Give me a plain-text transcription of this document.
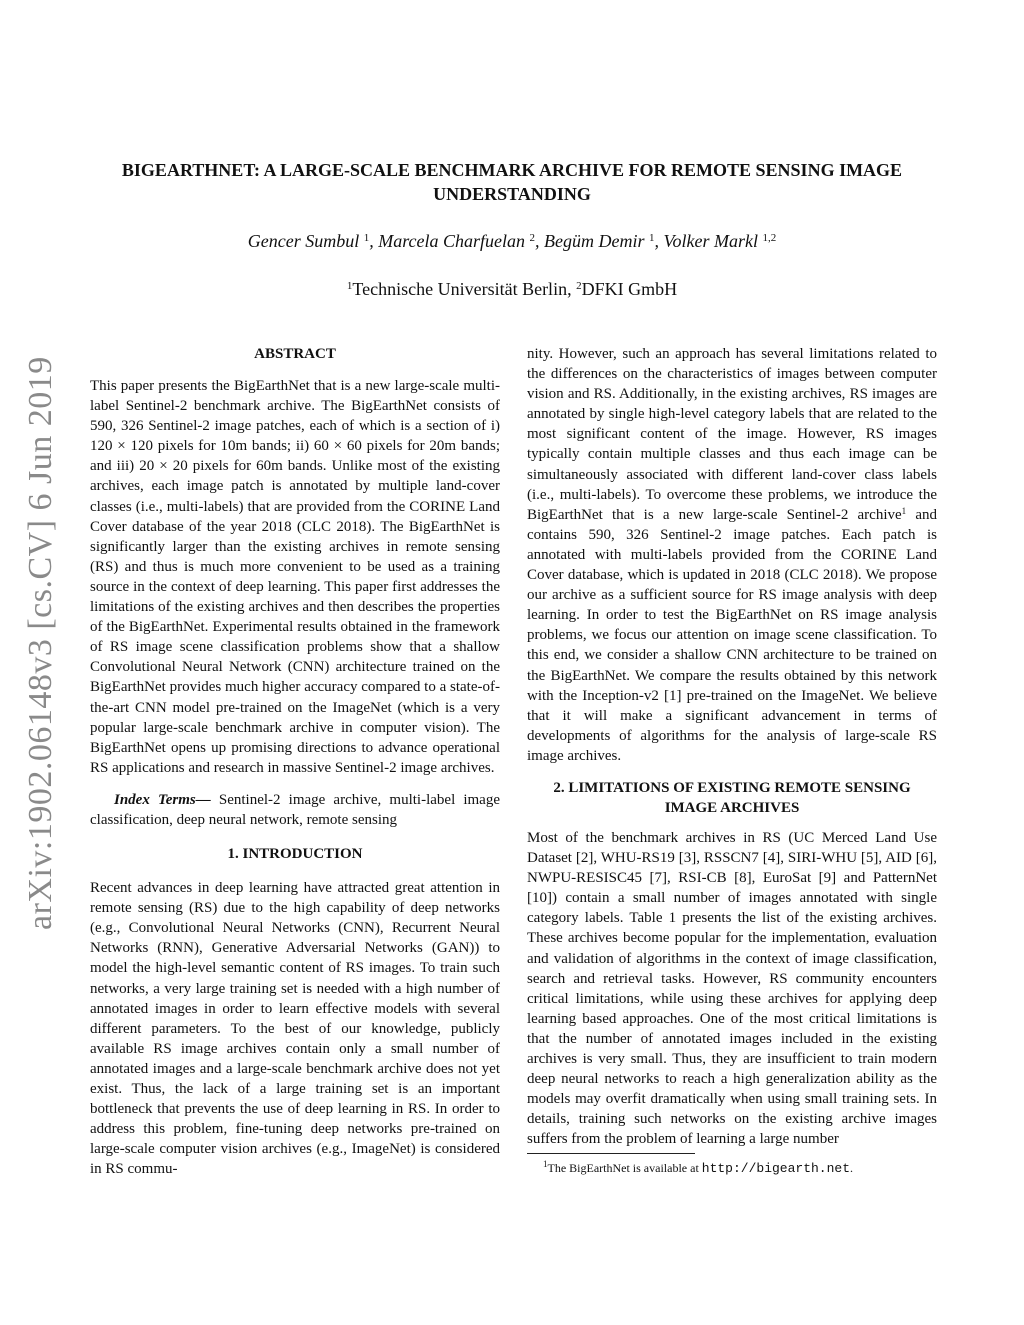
arXiv:1902.06148v3 [cs.CV] 6 Jun 2019
BIGEARTHNET: A LARGE-SCALE BENCHMARK ARCHIVE FOR REMOTE SENSING IMAGE UNDERSTANDING
Gencer Sumbul $^1$, Marcela Charfuelan $^2$, Begüm Demir $^1$, Volker Markl $^{1,2}$
$^1$Technische Universität Berlin, $^2$DFKI GmbH
ABSTRACT

This paper presents the BigEarthNet that is a new large-scale multi-label Sentinel-2 benchmark archive. The BigEarthNet consists of 590, 326 Sentinel-2 image patches, each of which is a section of i) 120 × 120 pixels for 10m bands; ii) 60 × 60 pixels for 20m bands; and iii) 20 × 20 pixels for 60m bands. Unlike most of the existing archives, each image patch is annotated by multiple land-cover classes (i.e., multi-labels) that are provided from the CORINE Land Cover database of the year 2018 (CLC 2018). The BigEarthNet is significantly larger than the existing archives in remote sensing (RS) and thus is much more convenient to be used as a training source in the context of deep learning. This paper first addresses the limitations of the existing archives and then describes the properties of the BigEarthNet. Experimental results obtained in the framework of RS image scene classification problems show that a shallow Convolutional Neural Network (CNN) architecture trained on the BigEarthNet provides much higher accuracy compared to a state-of-the-art CNN model pre-trained on the ImageNet (which is a very popular large-scale benchmark archive in computer vision). The BigEarthNet opens up promising directions to advance operational RS applications and research in massive Sentinel-2 image archives.

Index Terms— Sentinel-2 image archive, multi-label image classification, deep neural network, remote sensing

1. INTRODUCTION

Recent advances in deep learning have attracted great attention in remote sensing (RS) due to the high capability of deep networks (e.g., Convolutional Neural Networks (CNN), Recurrent Neural Networks (RNN), Generative Adversarial Networks (GAN)) to model the high-level semantic content of RS images. To train such networks, a very large training set is needed with a high number of annotated images in order to learn effective models with several different parameters. To the best of our knowledge, publicly available RS image archives contain only a small number of annotated images and a large-scale benchmark archive does not yet exist. Thus, the lack of a large training set is an important bottleneck that prevents the use of deep learning in RS. In order to address this problem, fine-tuning deep networks pre-trained on large-scale computer vision archives (e.g., ImageNet) is considered in RS commu-

nity. However, such an approach has several limitations related to the differences on the characteristics of images between computer vision and RS. Additionally, in the existing archives, RS images are annotated by single high-level category labels that are related to the most significant content of the image. However, RS images typically contain multiple classes and thus each image can be simultaneously associated with different land-cover class labels (i.e., multi-labels). To overcome these problems, we introduce the BigEarthNet that is a new large-scale Sentinel-2 archive$^1$ and contains 590, 326 Sentinel-2 image patches. Each patch is annotated with multi-labels provided from the CORINE Land Cover database, which is updated in 2018 (CLC 2018). We propose our archive as a sufficient source for RS image analysis with deep learning. In order to test the BigEarthNet on RS image analysis problems, we focus our attention on image scene classification. To this end, we consider a shallow CNN architecture to be trained on the BigEarthNet. We compare the results obtained by this network with the Inception-v2 [1] pre-trained on the ImageNet. We believe that it will make a significant advancement in terms of developments of algorithms for the analysis of large-scale RS image archives.

2. LIMITATIONS OF EXISTING REMOTE SENSING IMAGE ARCHIVES

Most of the benchmark archives in RS (UC Merced Land Use Dataset [2], WHU-RS19 [3], RSSCN7 [4], SIRI-WHU [5], AID [6], NWPU-RESISC45 [7], RSI-CB [8], EuroSat [9] and PatternNet [10]) contain a small number of images annotated with single category labels. Table 1 presents the list of the existing archives. These archives become popular for the implementation, evaluation and validation of algorithms in the context of image classification, search and retrieval tasks. However, RS community encounters critical limitations, while using these archives for applying deep learning based approaches. One of the most critical limitations is that the number of annotated images included in the existing archives is very small. Thus, they are insufficient to train modern deep neural networks to reach a high generalization ability as the models may overfit dramatically when using small training sets. In details, training such networks on the existing archive images suffers from the problem of learning a large number

$^1$The BigEarthNet is available at http://bigearth.net.
